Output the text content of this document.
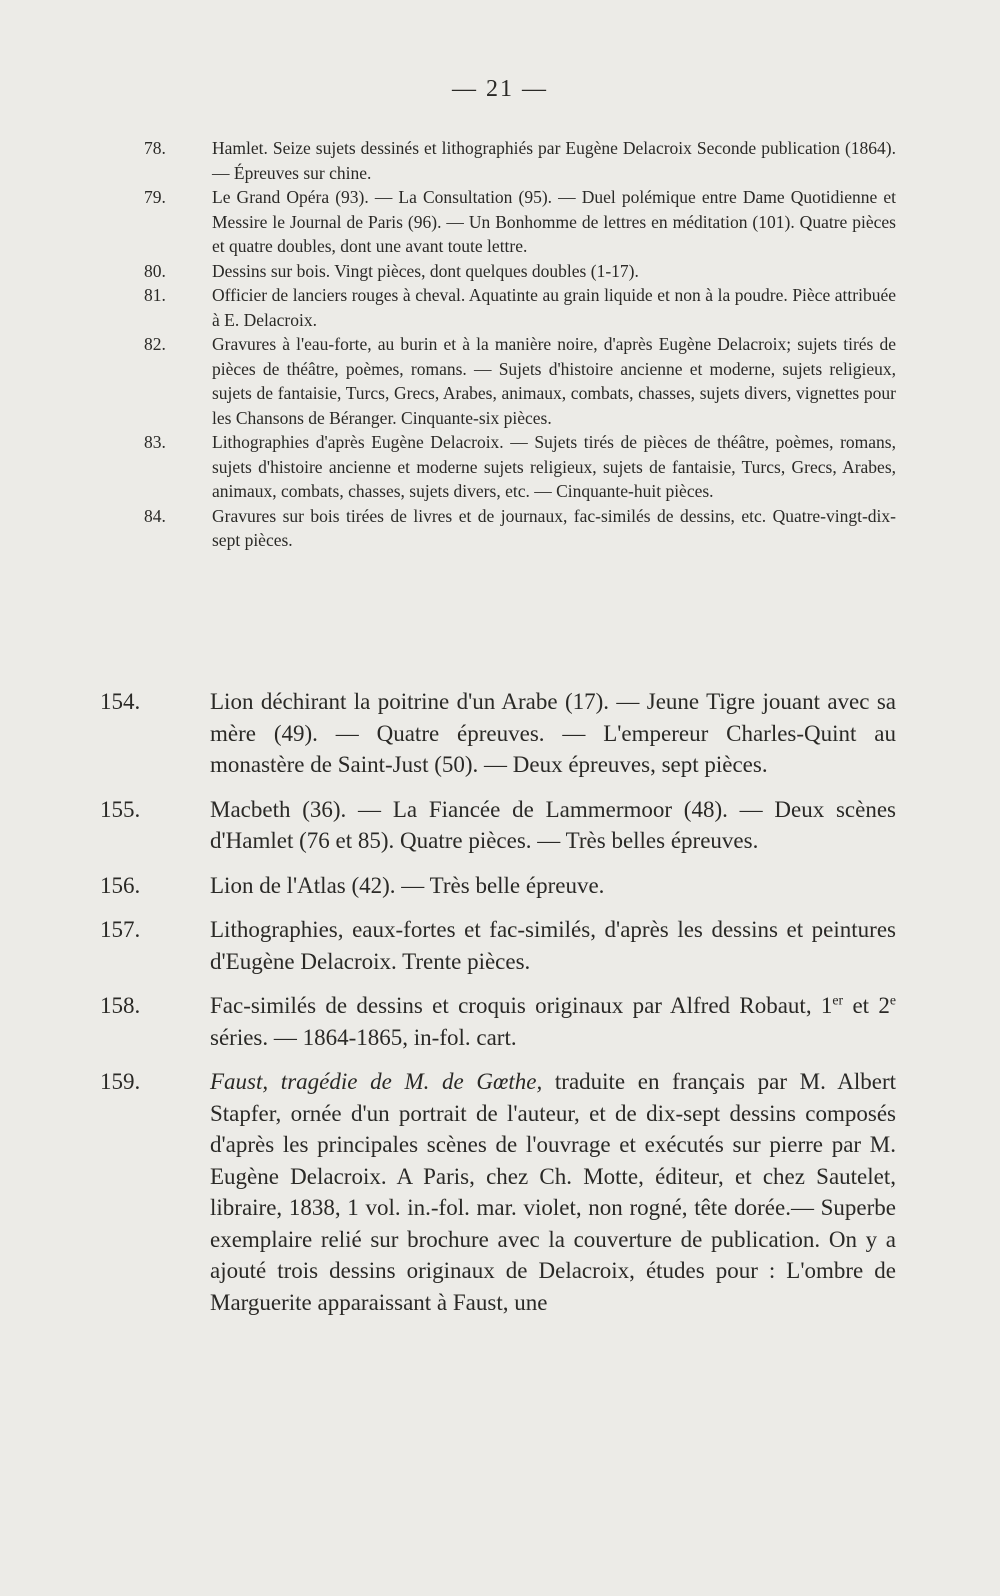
— 21 —
78.	Hamlet. Seize sujets dessinés et lithographiés par Eugène Delacroix Seconde publication (1864). — Épreuves sur chine.
79.	Le Grand Opéra (93). — La Consultation (95). — Duel polémique entre Dame Quotidienne et Messire le Journal de Paris (96). — Un Bonhomme de lettres en méditation (101). Quatre pièces et quatre doubles, dont une avant toute lettre.
80.	Dessins sur bois. Vingt pièces, dont quelques doubles (1-17).
81.	Officier de lanciers rouges à cheval. Aquatinte au grain liquide et non à la poudre. Pièce attribuée à E. Delacroix.
82.	Gravures à l'eau-forte, au burin et à la manière noire, d'après Eugène Delacroix; sujets tirés de pièces de théâtre, poèmes, romans. — Sujets d'histoire ancienne et moderne, sujets religieux, sujets de fantaisie, Turcs, Grecs, Arabes, animaux, combats, chasses, sujets divers, vignettes pour les Chansons de Béranger. Cinquante-six pièces.
83.	Lithographies d'après Eugène Delacroix. — Sujets tirés de pièces de théâtre, poèmes, romans, sujets d'histoire ancienne et moderne sujets religieux, sujets de fantaisie, Turcs, Grecs, Arabes, animaux, combats, chasses, sujets divers, etc. — Cinquante-huit pièces.
84.	Gravures sur bois tirées de livres et de journaux, fac-similés de dessins, etc. Quatre-vingt-dix-sept pièces.
154.	Lion déchirant la poitrine d'un Arabe (17). — Jeune Tigre jouant avec sa mère (49). — Quatre épreuves. — L'empereur Charles-Quint au monastère de Saint-Just (50). — Deux épreuves, sept pièces.
155.	Macbeth (36). — La Fiancée de Lammermoor (48). — Deux scènes d'Hamlet (76 et 85). Quatre pièces. — Très belles épreuves.
156.	Lion de l'Atlas (42). — Très belle épreuve.
157.	Lithographies, eaux-fortes et fac-similés, d'après les dessins et peintures d'Eugène Delacroix. Trente pièces.
158.	Fac-similés de dessins et croquis originaux par Alfred Robaut, 1er et 2e séries. — 1864-1865, in-fol. cart.
159.	Faust, tragédie de M. de Gœthe, traduite en français par M. Albert Stapfer, ornée d'un portrait de l'auteur, et de dix-sept dessins composés d'après les principales scènes de l'ouvrage et exécutés sur pierre par M. Eugène Delacroix. A Paris, chez Ch. Motte, éditeur, et chez Sautelet, libraire, 1838, 1 vol. in.-fol. mar. violet, non rogné, tête dorée.— Superbe exemplaire relié sur brochure avec la couverture de publication. On y a ajouté trois dessins originaux de Delacroix, études pour : L'ombre de Marguerite apparaissant à Faust, une
